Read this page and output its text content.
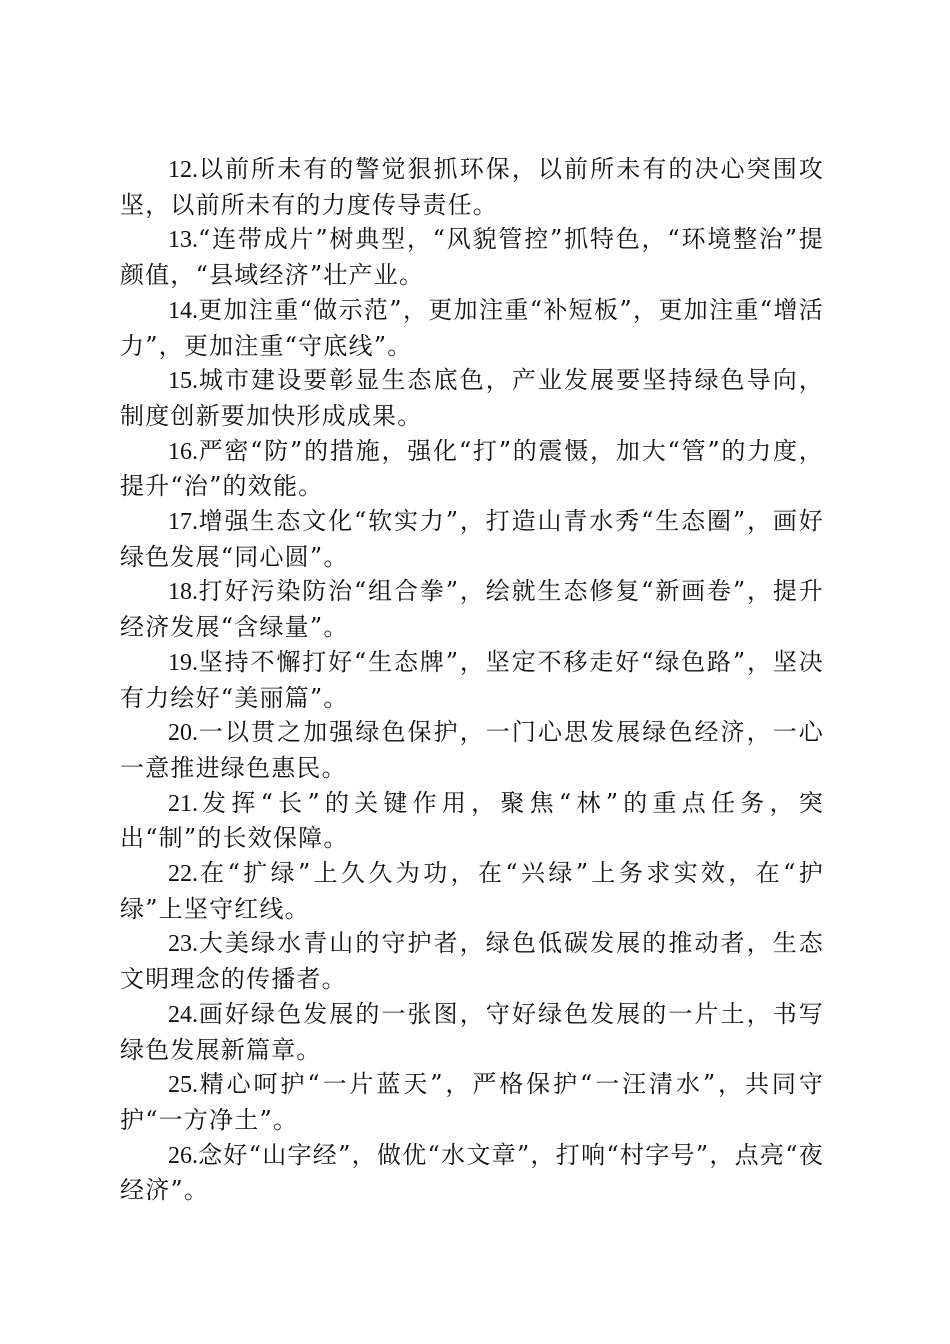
12.以前所未有的警觉狠抓环保，以前所未有的决心突围攻坚，以前所未有的力度传导责任。

13.“连带成片”树典型，“风貌管控”抓特色，“环境整治”提颜值，“县域经济”壮产业。

14.更加注重“做示范”，更加注重“补短板”，更加注重“增活力”，更加注重“守底线”。

15.城市建设要彰显生态底色，产业发展要坚持绿色导向，制度创新要加快形成成果。

16.严密“防”的措施，强化“打”的震慑，加大“管”的力度，提升“治”的效能。

17.增强生态文化“软实力”，打造山青水秀“生态圈”，画好绿色发展“同心圆”。

18.打好污染防治“组合拳”，绘就生态修复“新画卷”，提升经济发展“含绿量”。

19.坚持不懈打好“生态牌”，坚定不移走好“绿色路”，坚决有力绘好“美丽篇”。

20.一以贯之加强绿色保护，一门心思发展绿色经济，一心一意推进绿色惠民。

21.发挥“长”的关键作用，聚焦“林”的重点任务，突出“制”的长效保障。

22.在“扩绿”上久久为功，在“兴绿”上务求实效，在“护绿”上坚守红线。

23.大美绿水青山的守护者，绿色低碳发展的推动者，生态文明理念的传播者。

24.画好绿色发展的一张图，守好绿色发展的一片土，书写绿色发展新篇章。

25.精心呵护“一片蓝天”，严格保护“一汪清水”，共同守护“一方净土”。

26.念好“山字经”，做优“水文章”，打响“村字号”，点亮“夜经济”。
